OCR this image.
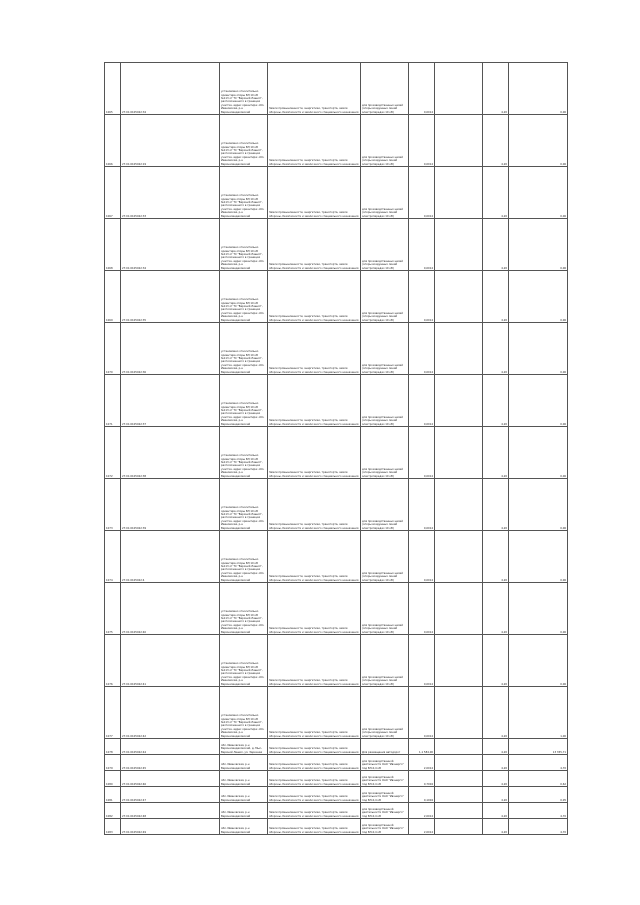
1065	27:01:0105022:34	установлено относительно ориентира опоры ВЛ 10 кВ №113 от ТС "Верхний Лашил", расположенного в границах участка. адрес ориентира: обл. Ивановская, р-н Верхнеландеховский	Земли промышленности, энергетики, транспорта, земли обороны, безопасности и земли иного специального назначения	для производственных целей (опоры воздушных линий электропередач 10 кВ)	0,0014		4,20	0,06
1066	27:01:0105022:19	установлено относительно ориентира опоры ВЛ 10 кВ №113 от ТС "Верхний Лашил", расположенного в границах участка. адрес ориентира: обл. Ивановская, р-н Верхнеландеховский	Земли промышленности, энергетики, транспорта, земли обороны, безопасности и земли иного специального назначения	для производственных целей (опоры воздушных линий электропередач 10 кВ)	0,0014		4,20	0,06
1067	27:01:0105022:33	установлено относительно ориентира опоры ВЛ 10 кВ №113 от ТС "Верхний Лашил", расположенного в границах участка. адрес ориентира: обл. Ивановская, р-н Верхнеландеховский	Земли промышленности, энергетики, транспорта, земли обороны, безопасности и земли иного специального назначения	для производственных целей (опоры воздушных линий электропередач 10 кВ)	0,0014		4,20	0,06
1068	27:01:0105022:34	установлено относительно ориентира опоры ВЛ 10 кВ №113 от ТС "Верхний Лашил", расположенного в границах участка. адрес ориентира: обл. Ивановская, р-н Верхнеландеховский	Земли промышленности, энергетики, транспорта, земли обороны, безопасности и земли иного специального назначения	для производственных целей (опоры воздушных линий электропередач 10 кВ)	0,0014		4,20	0,06
1069	27:01:0105022:35	установлено относительно ориентира опоры ВЛ 10 кВ №113 от ТС "Верхний Лашил", расположенного в границах участка. адрес ориентира: обл. Ивановская, р-н Верхнеландеховский	Земли промышленности, энергетики, транспорта, земли обороны, безопасности и земли иного специального назначения	для производственных целей (опоры воздушных линий электропередач 10 кВ)	0,0014		4,20	0,06
1070	27:01:0105022:36	установлено относительно ориентира опоры ВЛ 10 кВ №113 от ТС "Верхний Лашил", расположенного в границах участка. адрес ориентира: обл. Ивановская, р-н Верхнеландеховский	Земли промышленности, энергетики, транспорта, земли обороны, безопасности и земли иного специального назначения	для производственных целей (опоры воздушных линий электропередач 10 кВ)	0,0014		4,20	0,06
1071	27:01:0105022:37	установлено относительно ориентира опоры ВЛ 10 кВ №113 от ТС "Верхний Лашил", расположенного в границах участка. адрес ориентира: обл. Ивановская, р-н Верхнеландеховский	Земли промышленности, энергетики, транспорта, земли обороны, безопасности и земли иного специального назначения	для производственных целей (опоры воздушных линий электропередач 10 кВ)	0,0014		4,20	0,06
1072	27:01:0105022:38	установлено относительно ориентира опоры ВЛ 10 кВ №113 от ТС "Верхний Лашил", расположенного в границах участка. адрес ориентира: обл. Ивановская, р-н Верхнеландеховский	Земли промышленности, энергетики, транспорта, земли обороны, безопасности и земли иного специального назначения	для производственных целей (опоры воздушных линий электропередач 10 кВ)	0,0014		4,20	0,06
1073	27:01:0105022:39	установлено относительно ориентира опоры ВЛ 10 кВ №113 от ТС "Верхний Лашил", расположенного в границах участка. адрес ориентира: обл. Ивановская, р-н Верхнеландеховский	Земли промышленности, энергетики, транспорта, земли обороны, безопасности и земли иного специального назначения	для производственных целей (опоры воздушных линий электропередач 10 кВ)	0,0014		4,20	0,06
1074	27:01:0105022:4	установлено относительно ориентира опоры ВЛ 10 кВ №113 от ТС "Верхний Лашил", расположенного в границах участка. адрес ориентира: обл. Ивановская, р-н Верхнеландеховский	Земли промышленности, энергетики, транспорта, земли обороны, безопасности и земли иного специального назначения	для производственных целей (опоры воздушных линий электропередач 10 кВ)	0,0014		4,20	0,06
1075	27:01:0105022:40	установлено относительно ориентира опоры ВЛ 10 кВ №113 от ТС "Верхний Лашил", расположенного в границах участка. адрес ориентира: обл. Ивановская, р-н Верхнеландеховский	Земли промышленности, энергетики, транспорта, земли обороны, безопасности и земли иного специального назначения	для производственных целей (опоры воздушных линий электропередач 10 кВ)	0,0014		4,20	0,06
1076	27:01:0105022:41	установлено относительно ориентира опоры ВЛ 10 кВ №113 от ТС "Верхний Лашил", расположенного в границах участка. адрес ориентира: обл. Ивановская, р-н Верхнеландеховский	Земли промышленности, энергетики, транспорта, земли обороны, безопасности и земли иного специального назначения	для производственных целей (опоры воздушных линий электропередач 10 кВ)	0,0014		4,20	0,06
1077	27:01:0105022:42	установлено относительно ориентира опоры ВЛ 10 кВ №113 от ТС "Верхний Лашил", расположенного в границах участка. адрес ориентира: обл. Ивановская, р-н Верхнеландеховский	Земли промышленности, энергетики, транспорта, земли обороны, безопасности и земли иного специального назначения	для производственных целей (опоры воздушных линий электропередач 10 кВ)	0,0014		4,20	1,00
1078	27:01:0105022:44	обл. Ивановская, р-н Верхнеландеховский, д. Мыс-Верхний Лашил, ул. Заречная	Земли промышленности, энергетики, транспорта, земли обороны, безопасности и земли иного специального назначения	Для размещения автодорог	1,1 584,00		4,20	13 355,71
1079	27:01:0105022:45	обл. Ивановская, р-н Верхнеландеховский	Земли промышленности, энергетики, транспорта, земли обороны, безопасности и земли иного специального назначения	для производственной деятельности ОАО "Ивэнерго" под ВЛ-0,4 кВ	2,0014		4,20	4,70
1080	27:01:0105022:46	обл. Ивановская, р-н Верхнеландеховский	Земли промышленности, энергетики, транспорта, земли обороны, безопасности и земли иного специального назначения	для производственной деятельности ОАО "Ивэнерго" под ВЛ-0,4 кВ	0,7004		4,20	0,62
1081	27:01:0105022:47	обл. Ивановская, р-н Верхнеландеховский	Земли промышленности, энергетики, транспорта, земли обороны, безопасности и земли иного специального назначения	для производственной деятельности ОАО "Ивэнерго" под ВЛ-0,4 кВ	0,1004		4,20	0,05
1082	27:01:0105022:48	обл. Ивановская, р-н Верхнеландеховский	Земли промышленности, энергетики, транспорта, земли обороны, безопасности и земли иного специального назначения	для производственной деятельности ОАО "Ивэнерго" под ВЛ-0,4 кВ	2,0014		4,20	4,70
1083	27:01:0105022:49	обл. Ивановская, р-н Верхнеландеховский	Земли промышленности, энергетики, транспорта, земли обороны, безопасности и земли иного специального назначения	для производственной деятельности ОАО "Ивэнерго" под ВЛ-0,4 кВ	2,0014		4,20	4,70
